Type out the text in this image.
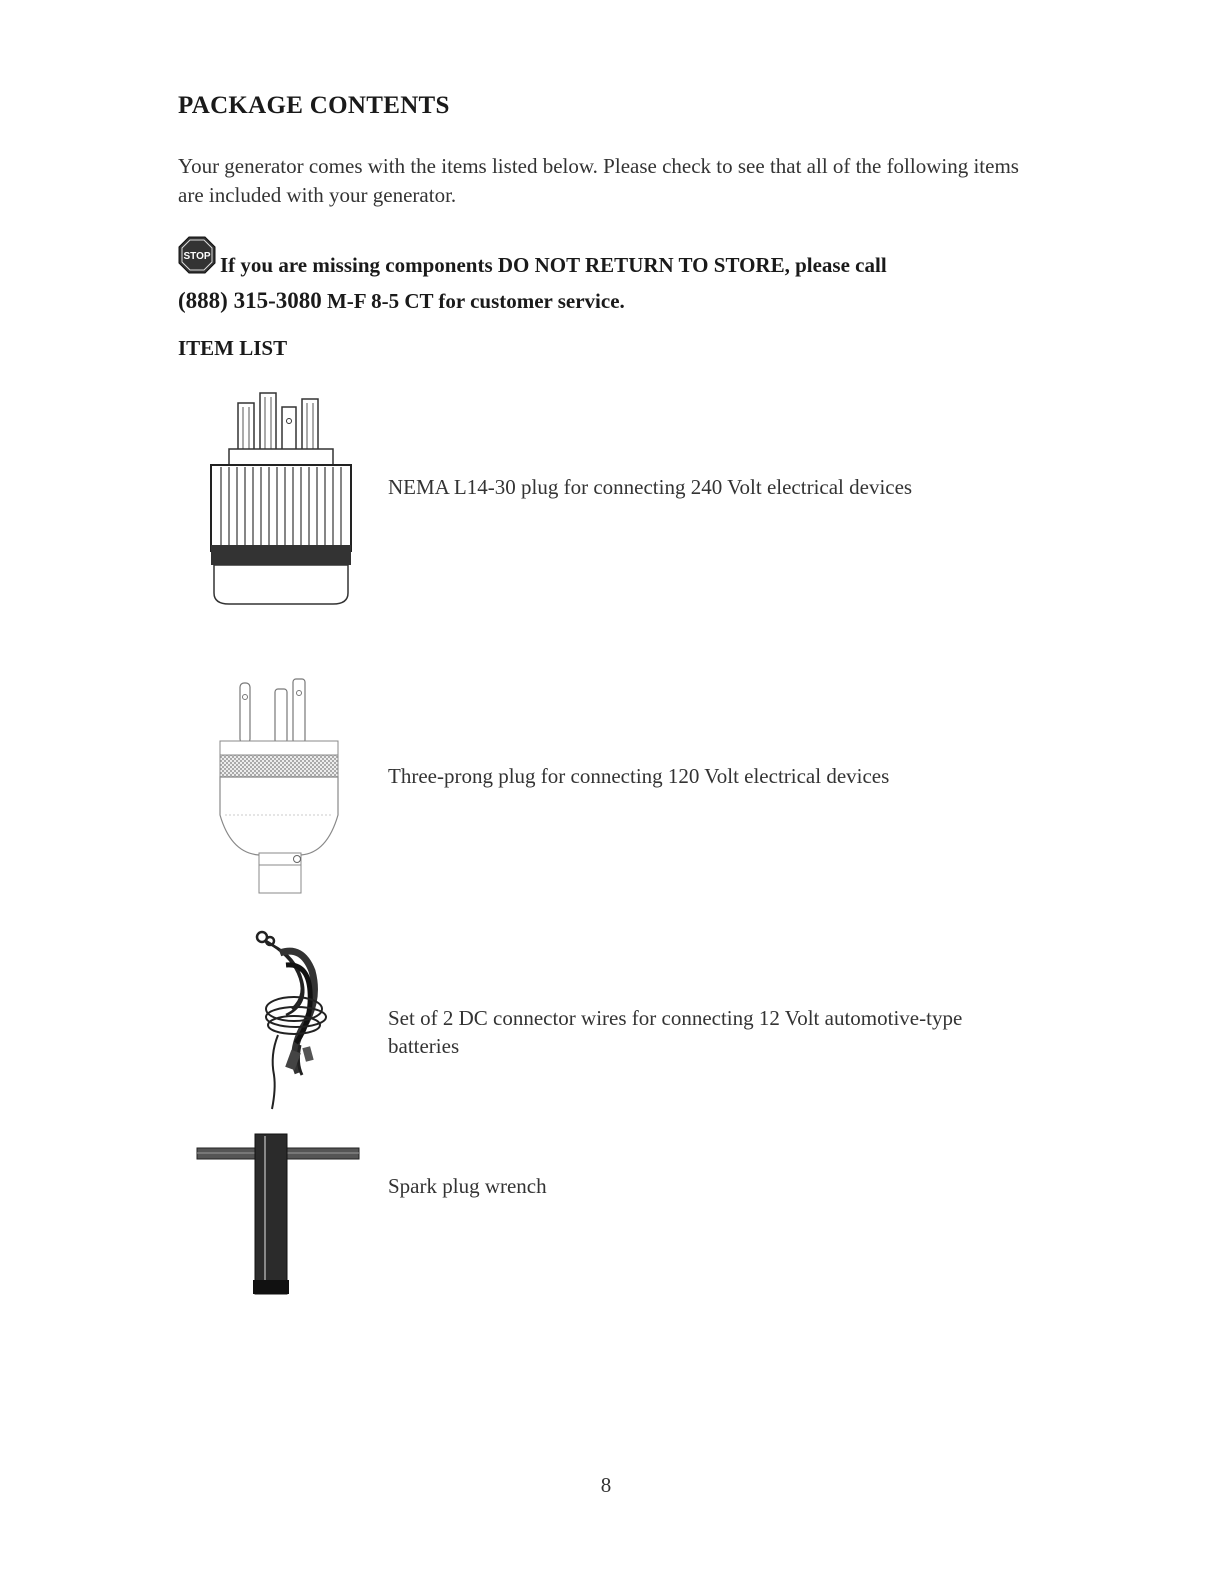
PACKAGE CONTENTS

Your generator comes with the items listed below. Please check to see that all of the following items are included with your generator.

STOP If you are missing components DO NOT RETURN TO STORE, please call
(888) 315-3080 M-F 8-5 CT for customer service.

ITEM LIST

NEMA L14-30 plug for connecting 240 Volt electrical devices

Three-prong plug for connecting 120 Volt electrical devices

Set of 2 DC connector wires for connecting 12 Volt automotive-type batteries

Spark plug wrench

8
